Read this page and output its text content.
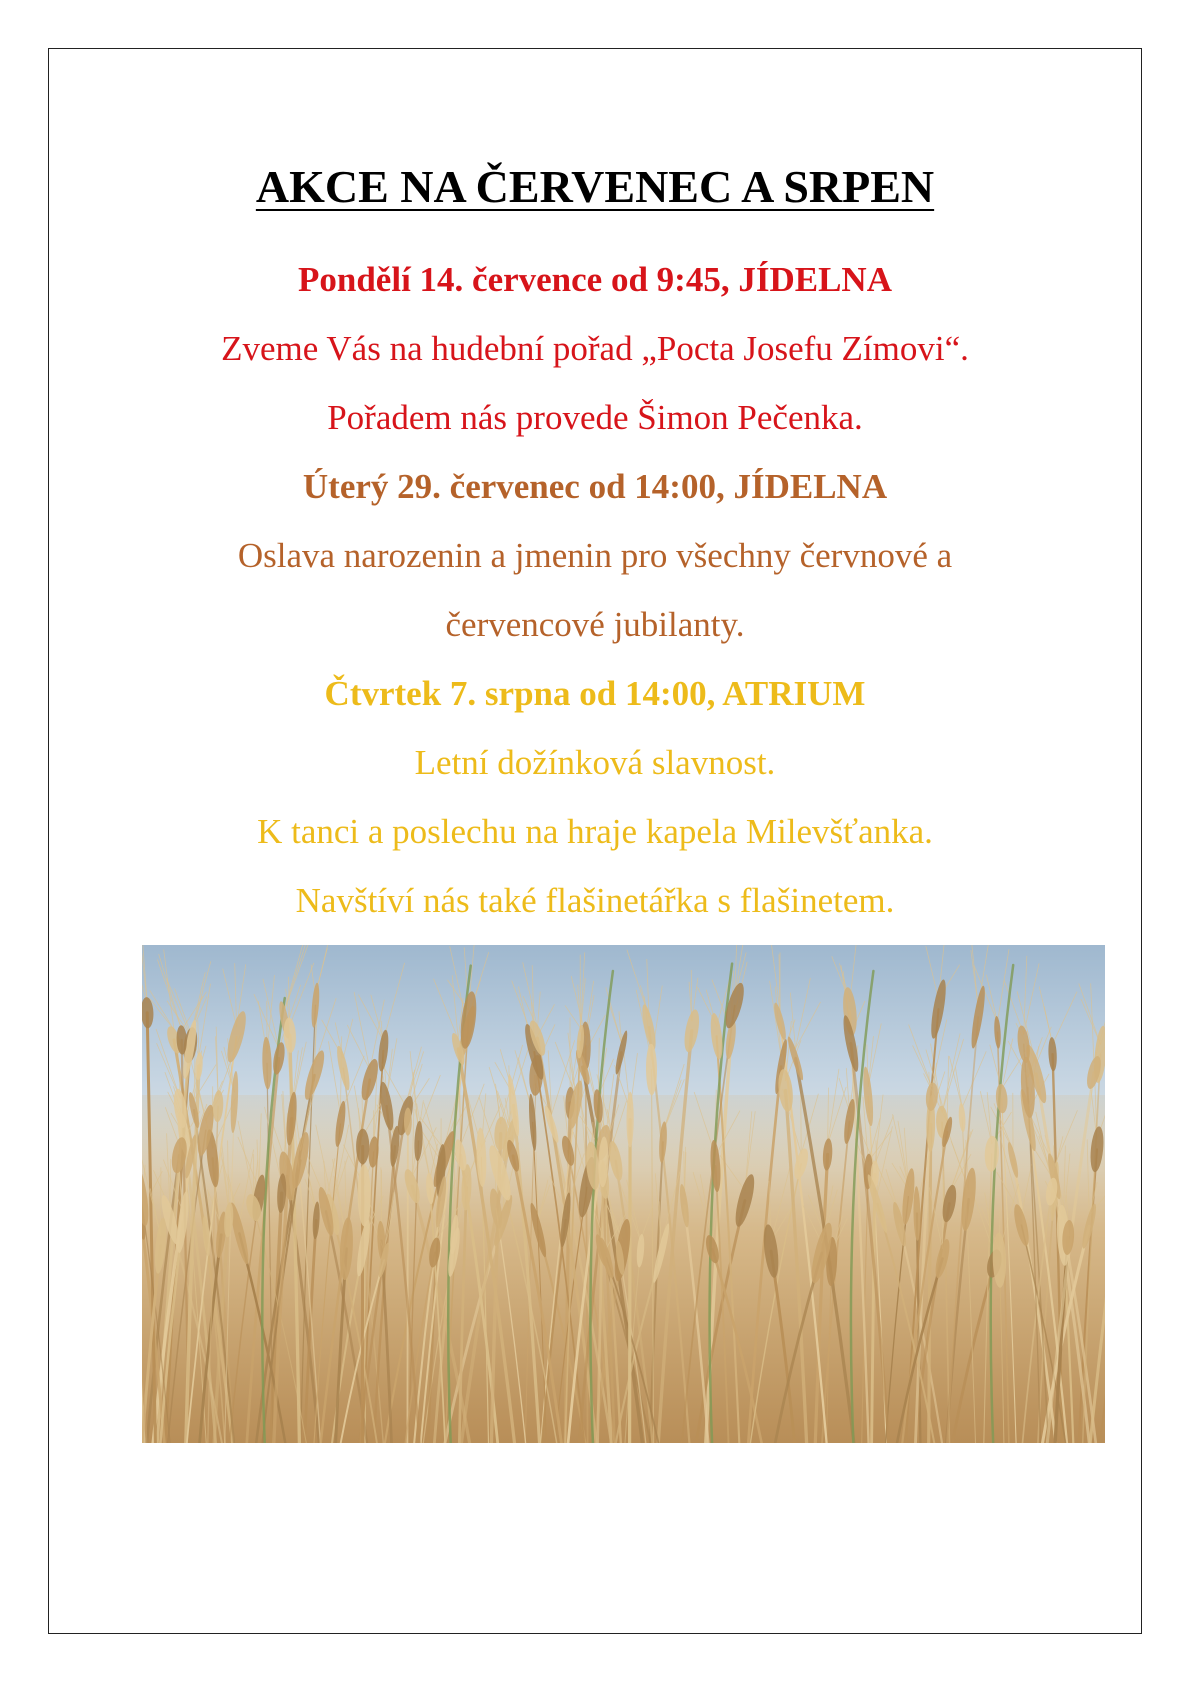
AKCE NA ČERVENEC A SRPEN

Pondělí 14. července od 9:45, JÍDELNA

Zveme Vás na hudební pořad „Pocta Josefu Zímovi“.

Pořadem nás provede Šimon Pečenka.

Úterý 29. červenec od 14:00, JÍDELNA

Oslava narozenin a jmenin pro všechny červnové a

červencové jubilanty.

Čtvrtek 7. srpna od 14:00, ATRIUM

Letní dožínková slavnost.

K tanci a poslechu na hraje kapela Milevšťanka.

Navštíví nás také flašinetářka s flašinetem.
